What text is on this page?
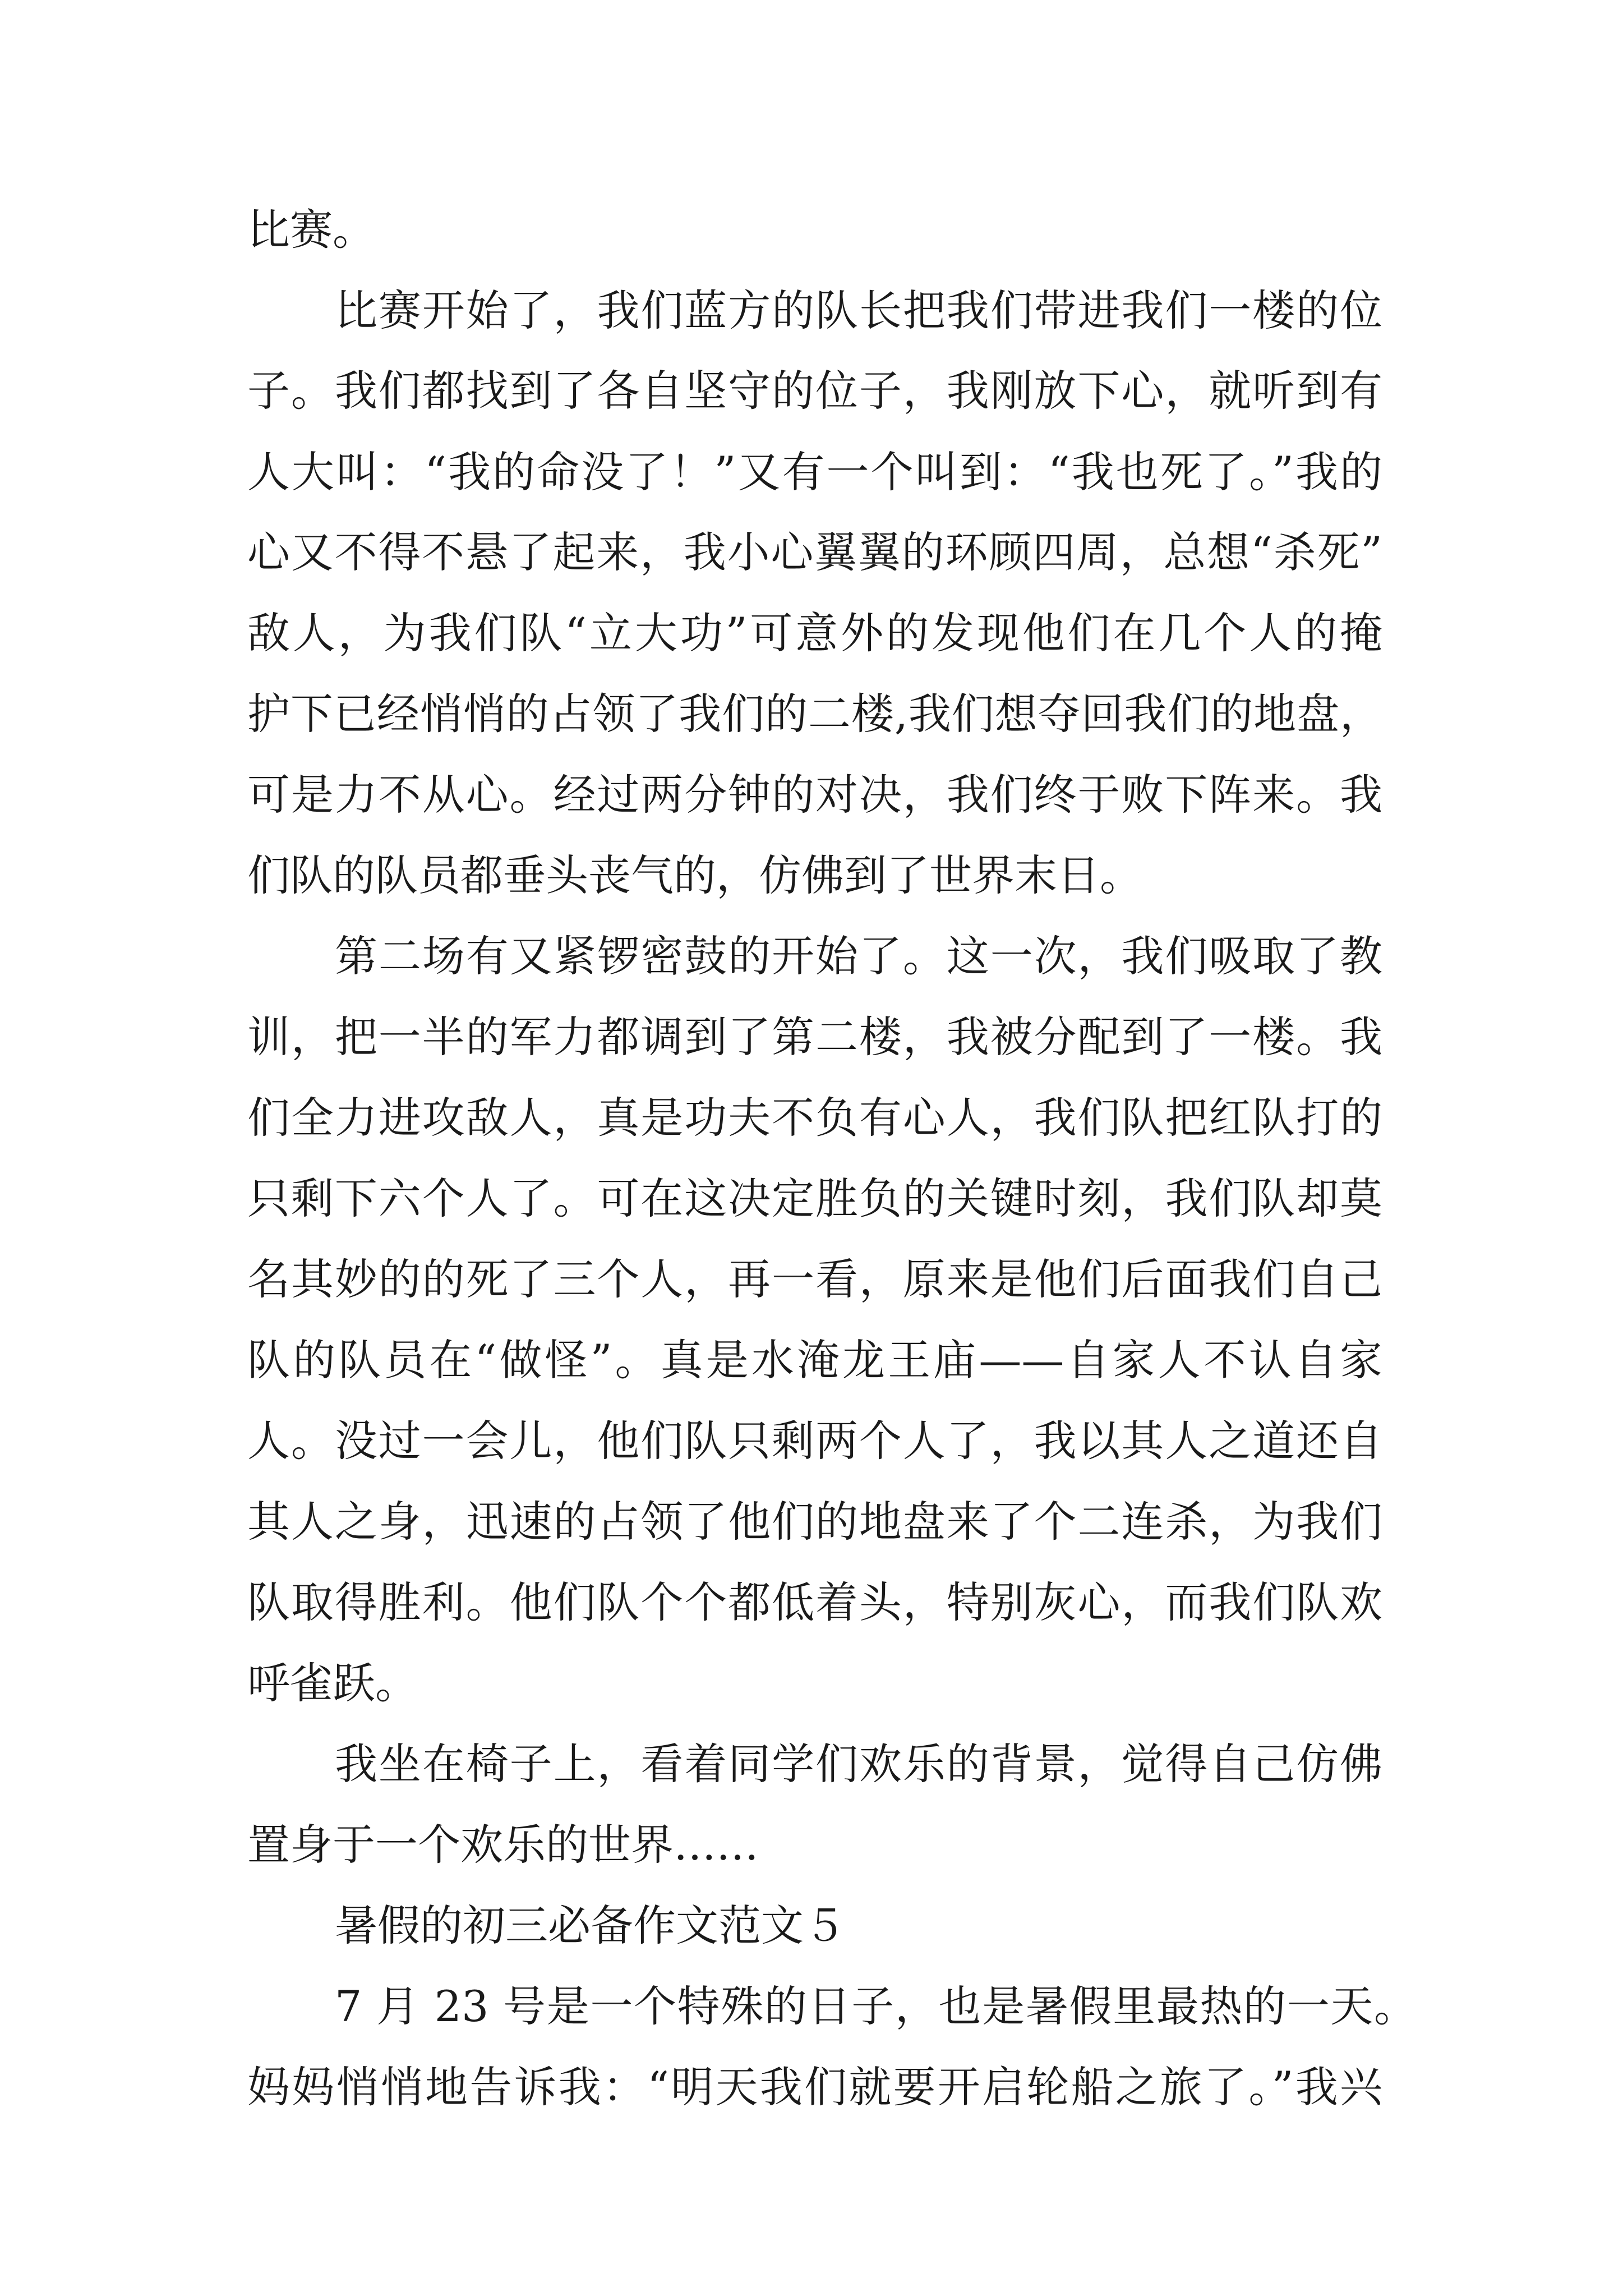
比赛。
比赛开始了，我们蓝方的队长把我们带进我们一楼的位
子。我们都找到了各自坚守的位子，我刚放下心，就听到有
人大叫：“我的命没了！”又有一个叫到：“我也死了。”我的
心又不得不悬了起来，我小心翼翼的环顾四周，总想“杀死”
敌人，为我们队“立大功”可意外的发现他们在几个人的掩
护下已经悄悄的占领了我们的二楼,我们想夺回我们的地盘，
可是力不从心。经过两分钟的对决，我们终于败下阵来。我
们队的队员都垂头丧气的，仿佛到了世界末日。
第二场有又紧锣密鼓的开始了。这一次，我们吸取了教
训，把一半的军力都调到了第二楼，我被分配到了一楼。我
们全力进攻敌人，真是功夫不负有心人，我们队把红队打的
只剩下六个人了。可在这决定胜负的关键时刻，我们队却莫
名其妙的的死了三个人，再一看，原来是他们后面我们自己
队的队员在“做怪”。真是水淹龙王庙——自家人不认自家
人。没过一会儿，他们队只剩两个人了，我以其人之道还自
其人之身，迅速的占领了他们的地盘来了个二连杀，为我们
队取得胜利。他们队个个都低着头，特别灰心，而我们队欢
呼雀跃。
我坐在椅子上，看着同学们欢乐的背景，觉得自己仿佛
置身于一个欢乐的世界……
暑假的初三必备作文范文５
7 月 23 号是一个特殊的日子，也是暑假里最热的一天。
妈妈悄悄地告诉我：“明天我们就要开启轮船之旅了。”我兴
